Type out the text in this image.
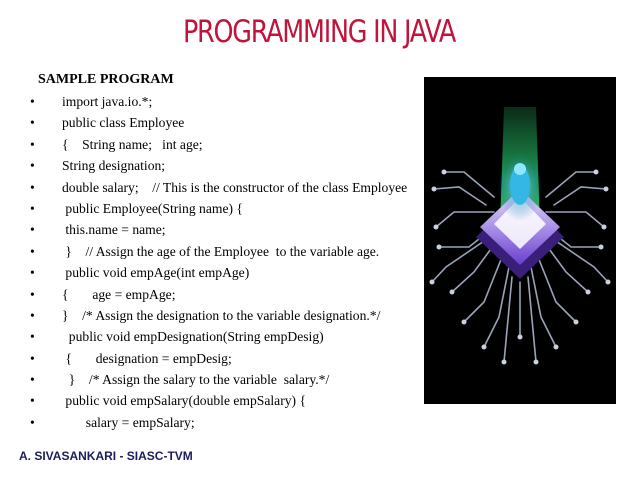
PROGRAMMING IN JAVA
SAMPLE PROGRAM
• import java.io.*;
• public class Employee
• {    String name;   int age;
• String designation;
• double salary;    // This is the constructor of the class Employee
• public Employee(String name) {
• this.name = name;
• }    // Assign the age of the Employee  to the variable age.
• public void empAge(int empAge)
• {       age = empAge;
• }    /* Assign the designation to the variable designation.*/
• public void empDesignation(String empDesig)
• {       designation = empDesig;
• }    /* Assign the salary to the variable  salary.*/
• public void empSalary(double empSalary) {
• salary = empSalary;
A. SIVASANKARI - SIASC-TVM
